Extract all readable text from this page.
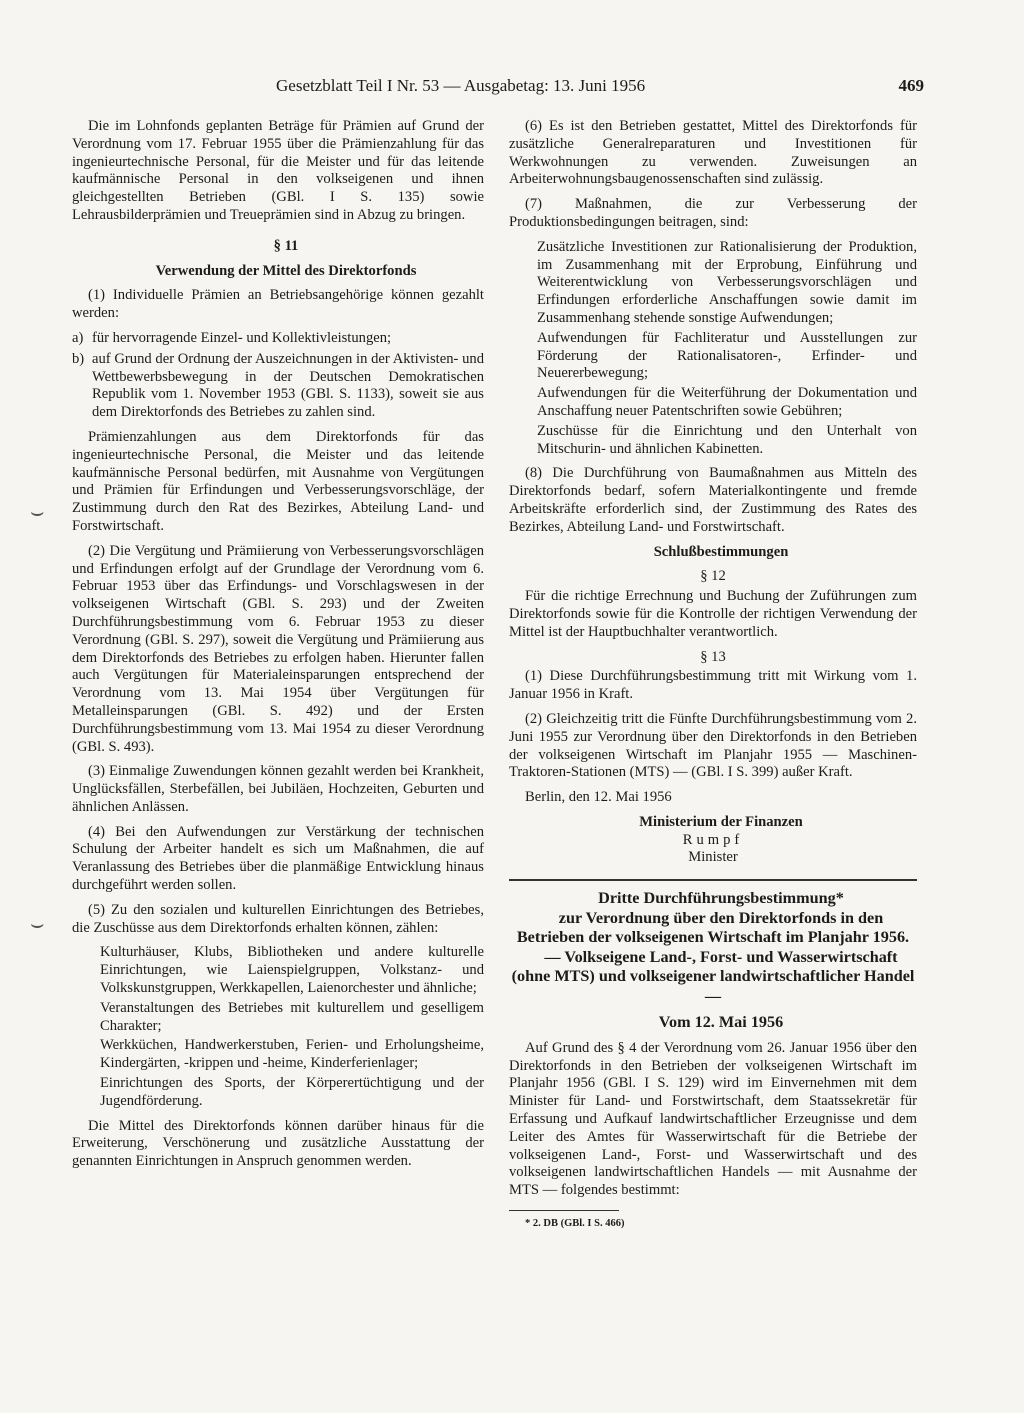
Gesetzblatt Teil I Nr. 53 — Ausgabetag: 13. Juni 1956	469

Die im Lohnfonds geplanten Beträge für Prämien auf Grund der Verordnung vom 17. Februar 1955 über die Prämienzahlung für das ingenieurtechnische Personal, für die Meister und für das leitende kaufmännische Personal in den volkseigenen und ihnen gleichgestellten Betrieben (GBl. I S. 135) sowie Lehrausbilderprämien und Treueprämien sind in Abzug zu bringen.

§ 11

Verwendung der Mittel des Direktorfonds

(1) Individuelle Prämien an Betriebsangehörige können gezahlt werden:

a) für hervorragende Einzel- und Kollektivleistungen;
b) auf Grund der Ordnung der Auszeichnungen in der Aktivisten- und Wettbewerbsbewegung in der Deutschen Demokratischen Republik vom 1. November 1953 (GBl. S. 1133), soweit sie aus dem Direktorfonds des Betriebes zu zahlen sind.

Prämienzahlungen aus dem Direktorfonds für das ingenieurtechnische Personal, die Meister und das leitende kaufmännische Personal bedürfen, mit Ausnahme von Vergütungen und Prämien für Erfindungen und Verbesserungsvorschläge, der Zustimmung durch den Rat des Bezirkes, Abteilung Land- und Forstwirtschaft.

(2) Die Vergütung und Prämiierung von Verbesserungsvorschlägen und Erfindungen erfolgt auf der Grundlage der Verordnung vom 6. Februar 1953 über das Erfindungs- und Vorschlagswesen in der volkseigenen Wirtschaft (GBl. S. 293) und der Zweiten Durchführungsbestimmung vom 6. Februar 1953 zu dieser Verordnung (GBl. S. 297), soweit die Vergütung und Prämiierung aus dem Direktorfonds des Betriebes zu erfolgen haben. Hierunter fallen auch Vergütungen für Materialeinsparungen entsprechend der Verordnung vom 13. Mai 1954 über Vergütungen für Metalleinsparungen (GBl. S. 492) und der Ersten Durchführungsbestimmung vom 13. Mai 1954 zu dieser Verordnung (GBl. S. 493).

(3) Einmalige Zuwendungen können gezahlt werden bei Krankheit, Unglücksfällen, Sterbefällen, bei Jubiläen, Hochzeiten, Geburten und ähnlichen Anlässen.

(4) Bei den Aufwendungen zur Verstärkung der technischen Schulung der Arbeiter handelt es sich um Maßnahmen, die auf Veranlassung des Betriebes über die planmäßige Entwicklung hinaus durchgeführt werden sollen.

(5) Zu den sozialen und kulturellen Einrichtungen des Betriebes, die Zuschüsse aus dem Direktorfonds erhalten können, zählen:

Kulturhäuser, Klubs, Bibliotheken und andere kulturelle Einrichtungen, wie Laienspielgruppen, Volkstanz- und Volkskunstgruppen, Werkkapellen, Laienorchester und ähnliche;
Veranstaltungen des Betriebes mit kulturellem und geselligem Charakter;
Werkküchen, Handwerkerstuben, Ferien- und Erholungsheime, Kindergärten, -krippen und -heime, Kinderferienlager;
Einrichtungen des Sports, der Körperertüchtigung und der Jugendförderung.

Die Mittel des Direktorfonds können darüber hinaus für die Erweiterung, Verschönerung und zusätzliche Ausstattung der genannten Einrichtungen in Anspruch genommen werden.

(6) Es ist den Betrieben gestattet, Mittel des Direktorfonds für zusätzliche Generalreparaturen und Investitionen für Werkwohnungen zu verwenden. Zuweisungen an Arbeiterwohnungsbaugenossenschaften sind zulässig.

(7) Maßnahmen, die zur Verbesserung der Produktionsbedingungen beitragen, sind:

Zusätzliche Investitionen zur Rationalisierung der Produktion, im Zusammenhang mit der Erprobung, Einführung und Weiterentwicklung von Verbesserungsvorschlägen und Erfindungen erforderliche Anschaffungen sowie damit im Zusammenhang stehende sonstige Aufwendungen;
Aufwendungen für Fachliteratur und Ausstellungen zur Förderung der Rationalisatoren-, Erfinder- und Neuererbewegung;
Aufwendungen für die Weiterführung der Dokumentation und Anschaffung neuer Patentschriften sowie Gebühren;
Zuschüsse für die Einrichtung und den Unterhalt von Mitschurin- und ähnlichen Kabinetten.

(8) Die Durchführung von Baumaßnahmen aus Mitteln des Direktorfonds bedarf, sofern Materialkontingente und fremde Arbeitskräfte erforderlich sind, der Zustimmung des Rates des Bezirkes, Abteilung Land- und Forstwirtschaft.

Schlußbestimmungen

§ 12

Für die richtige Errechnung und Buchung der Zuführungen zum Direktorfonds sowie für die Kontrolle der richtigen Verwendung der Mittel ist der Hauptbuchhalter verantwortlich.

§ 13

(1) Diese Durchführungsbestimmung tritt mit Wirkung vom 1. Januar 1956 in Kraft.

(2) Gleichzeitig tritt die Fünfte Durchführungsbestimmung vom 2. Juni 1955 zur Verordnung über den Direktorfonds in den Betrieben der volkseigenen Wirtschaft im Planjahr 1955 — Maschinen-Traktoren-Stationen (MTS) — (GBl. I S. 399) außer Kraft.

Berlin, den 12. Mai 1956

Ministerium der Finanzen

Rumpf

Minister

Dritte Durchführungsbestimmung*

zur Verordnung über den Direktorfonds in den Betrieben der volkseigenen Wirtschaft im Planjahr 1956.

— Volkseigene Land-, Forst- und Wasserwirtschaft (ohne MTS) und volkseigener landwirtschaftlicher Handel —

Vom 12. Mai 1956

Auf Grund des § 4 der Verordnung vom 26. Januar 1956 über den Direktorfonds in den Betrieben der volkseigenen Wirtschaft im Planjahr 1956 (GBl. I S. 129) wird im Einvernehmen mit dem Minister für Land- und Forstwirtschaft, dem Staatssekretär für Erfassung und Aufkauf landwirtschaftlicher Erzeugnisse und dem Leiter des Amtes für Wasserwirtschaft für die Betriebe der volkseigenen Land-, Forst- und Wasserwirtschaft und des volkseigenen landwirtschaftlichen Handels — mit Ausnahme der MTS — folgendes bestimmt:

* 2. DB (GBl. I S. 466)

⌣
⌣
